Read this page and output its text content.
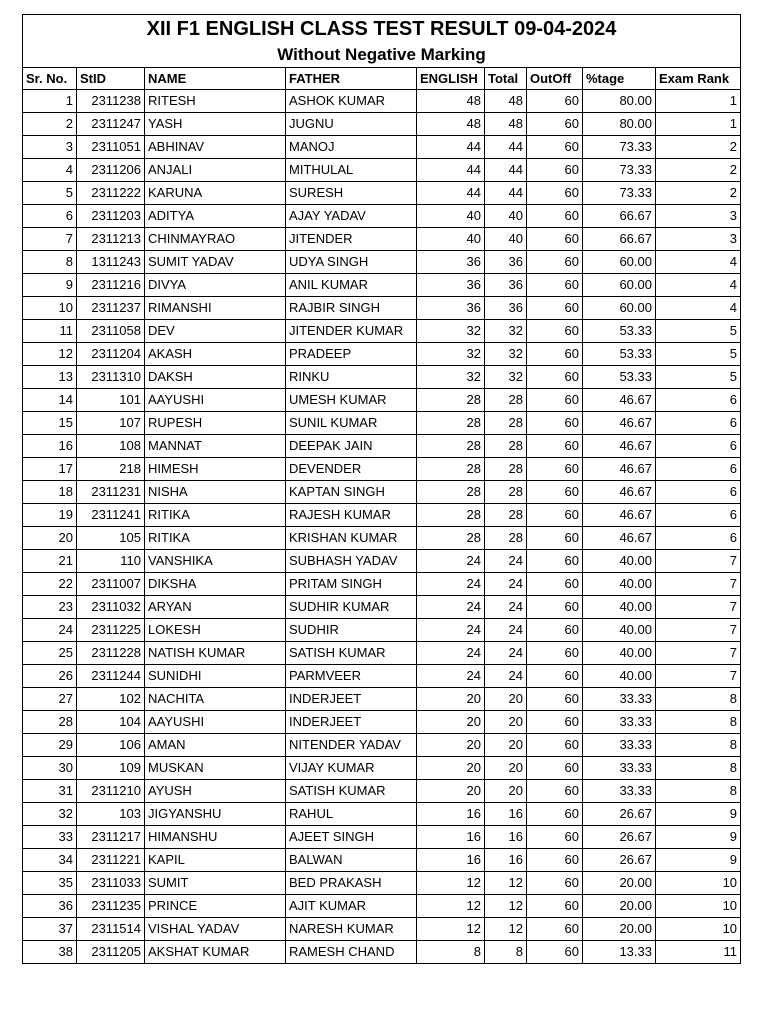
XII F1 ENGLISH CLASS TEST RESULT 09-04-2024								
Without Negative Marking								
Sr. No.	StID	NAME	FATHER	ENGLISH	Total	OutOff	%tage	Exam Rank
1	2311238	RITESH	ASHOK KUMAR	48	48	60	80.00	1
2	2311247	YASH	JUGNU	48	48	60	80.00	1
3	2311051	ABHINAV	MANOJ	44	44	60	73.33	2
4	2311206	ANJALI	MITHULAL	44	44	60	73.33	2
5	2311222	KARUNA	SURESH	44	44	60	73.33	2
6	2311203	ADITYA	AJAY YADAV	40	40	60	66.67	3
7	2311213	CHINMAYRAO	JITENDER	40	40	60	66.67	3
8	1311243	SUMIT YADAV	UDYA SINGH	36	36	60	60.00	4
9	2311216	DIVYA	ANIL KUMAR	36	36	60	60.00	4
10	2311237	RIMANSHI	RAJBIR SINGH	36	36	60	60.00	4
11	2311058	DEV	JITENDER KUMAR	32	32	60	53.33	5
12	2311204	AKASH	PRADEEP	32	32	60	53.33	5
13	2311310	DAKSH	RINKU	32	32	60	53.33	5
14	101	AAYUSHI	UMESH KUMAR	28	28	60	46.67	6
15	107	RUPESH	SUNIL KUMAR	28	28	60	46.67	6
16	108	MANNAT	DEEPAK JAIN	28	28	60	46.67	6
17	218	HIMESH	DEVENDER	28	28	60	46.67	6
18	2311231	NISHA	KAPTAN SINGH	28	28	60	46.67	6
19	2311241	RITIKA	RAJESH KUMAR	28	28	60	46.67	6
20	105	RITIKA	KRISHAN KUMAR	28	28	60	46.67	6
21	110	VANSHIKA	SUBHASH YADAV	24	24	60	40.00	7
22	2311007	DIKSHA	PRITAM SINGH	24	24	60	40.00	7
23	2311032	ARYAN	SUDHIR KUMAR	24	24	60	40.00	7
24	2311225	LOKESH	SUDHIR	24	24	60	40.00	7
25	2311228	NATISH KUMAR	SATISH KUMAR	24	24	60	40.00	7
26	2311244	SUNIDHI	PARMVEER	24	24	60	40.00	7
27	102	NACHITA	INDERJEET	20	20	60	33.33	8
28	104	AAYUSHI	INDERJEET	20	20	60	33.33	8
29	106	AMAN	NITENDER YADAV	20	20	60	33.33	8
30	109	MUSKAN	VIJAY KUMAR	20	20	60	33.33	8
31	2311210	AYUSH	SATISH KUMAR	20	20	60	33.33	8
32	103	JIGYANSHU	RAHUL	16	16	60	26.67	9
33	2311217	HIMANSHU	AJEET SINGH	16	16	60	26.67	9
34	2311221	KAPIL	BALWAN	16	16	60	26.67	9
35	2311033	SUMIT	BED PRAKASH	12	12	60	20.00	10
36	2311235	PRINCE	AJIT KUMAR	12	12	60	20.00	10
37	2311514	VISHAL YADAV	NARESH KUMAR	12	12	60	20.00	10
38	2311205	AKSHAT KUMAR	RAMESH CHAND	8	8	60	13.33	11
